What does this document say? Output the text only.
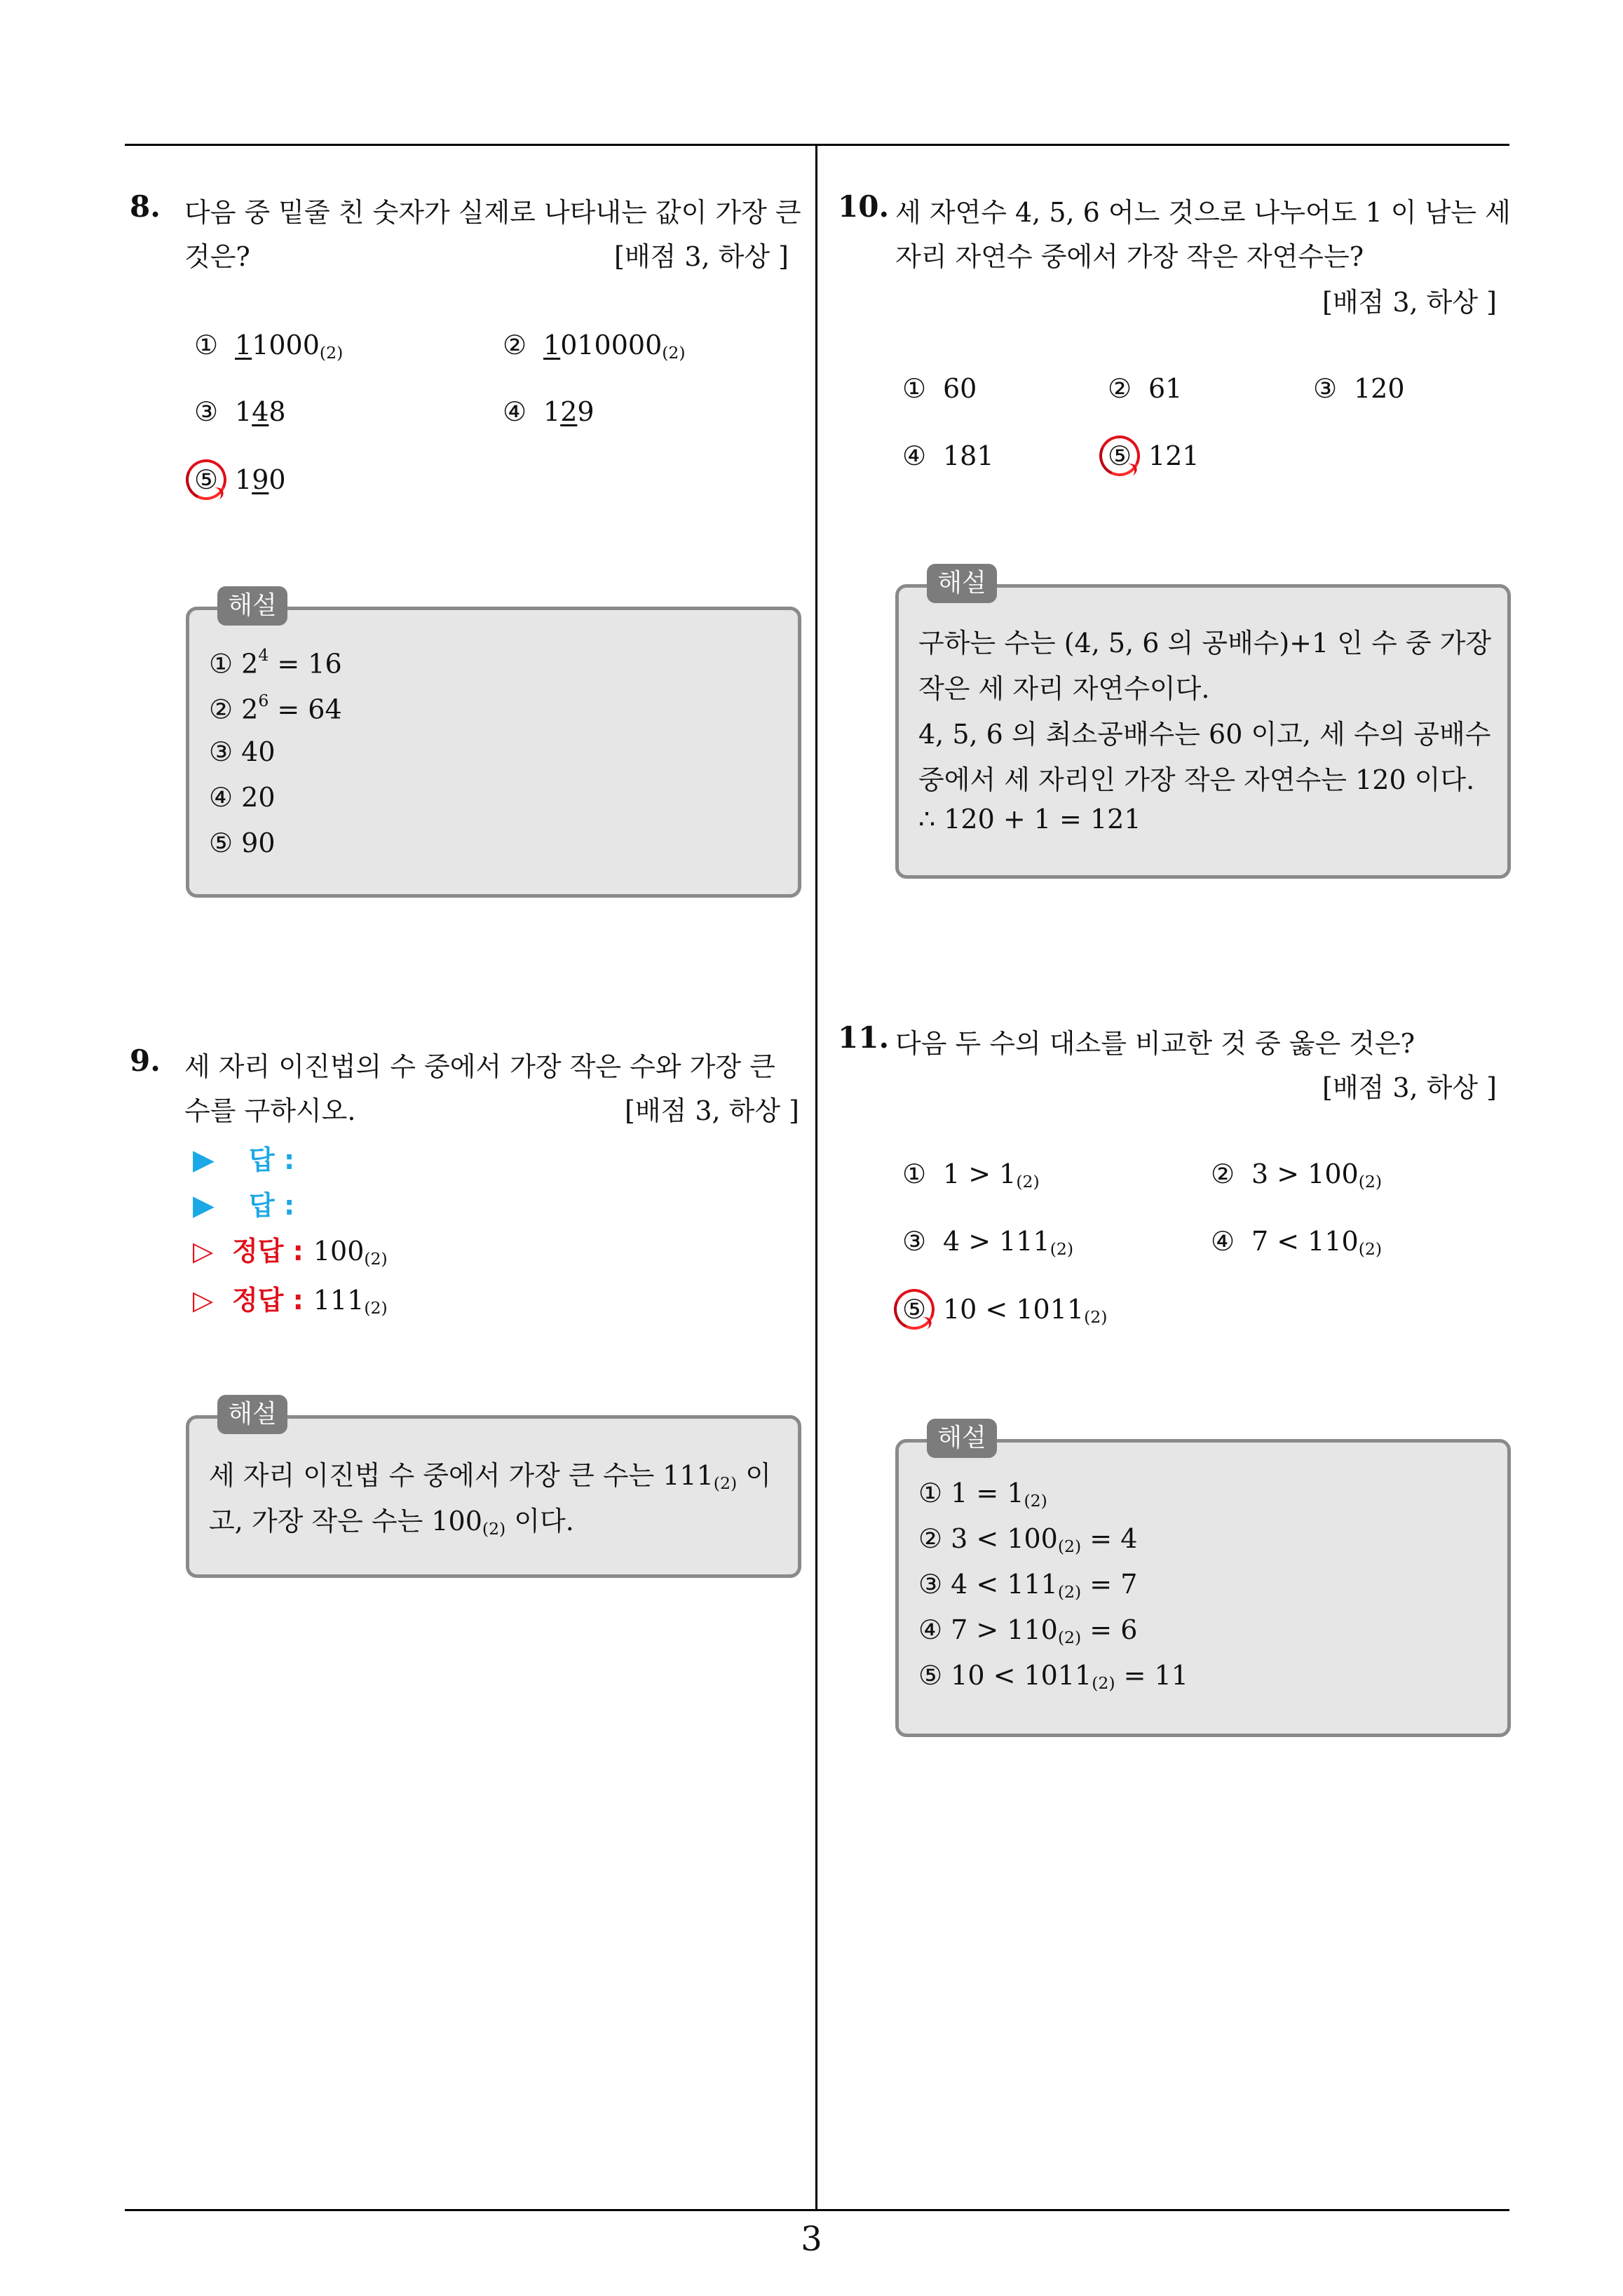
8. 다음 중 밑줄 친 숫자가 실제로 나타내는 값이 가장 큰
것은?	[배점 3, 하상 ]
① $11000_{(2)}$	② $1010000_{(2)}$
③ 148	④ 129
⑤ 190
해설
① $2^4 = 16$
② $2^6 = 64$
③ 40
④ 20
⑤ 90
9. 세 자리 이진법의 수 중에서 가장 작은 수와 가장 큰
수를 구하시오.	[배점 3, 하상 ]
▶ 답 :
▶ 답 :
▷ 정답 : $100_{(2)}$
▷ 정답 : $111_{(2)}$
해설
세 자리 이진법 수 중에서 가장 큰 수는 $111_{(2)}$ 이
고, 가장 작은 수는 $100_{(2)}$ 이다.
10. 세 자연수 4, 5, 6 어느 것으로 나누어도 1 이 남는 세
자리 자연수 중에서 가장 작은 자연수는?
[배점 3, 하상 ]
① 60	② 61	③ 120
④ 181	⑤ 121
해설
구하는 수는 (4, 5, 6 의 공배수)+1 인 수 중 가장
작은 세 자리 자연수이다.
4, 5, 6 의 최소공배수는 60 이고, 세 수의 공배수
중에서 세 자리인 가장 작은 자연수는 120 이다.
∴ 120 + 1 = 121
11. 다음 두 수의 대소를 비교한 것 중 옳은 것은?
[배점 3, 하상 ]
① $1 > 1_{(2)}$	② $3 > 100_{(2)}$
③ $4 > 111_{(2)}$	④ $7 < 110_{(2)}$
⑤ $10 < 1011_{(2)}$
해설
① $1 = 1_{(2)}$
② $3 < 100_{(2)} = 4$
③ $4 < 111_{(2)} = 7$
④ $7 > 110_{(2)} = 6$
⑤ $10 < 1011_{(2)} = 11$
3
